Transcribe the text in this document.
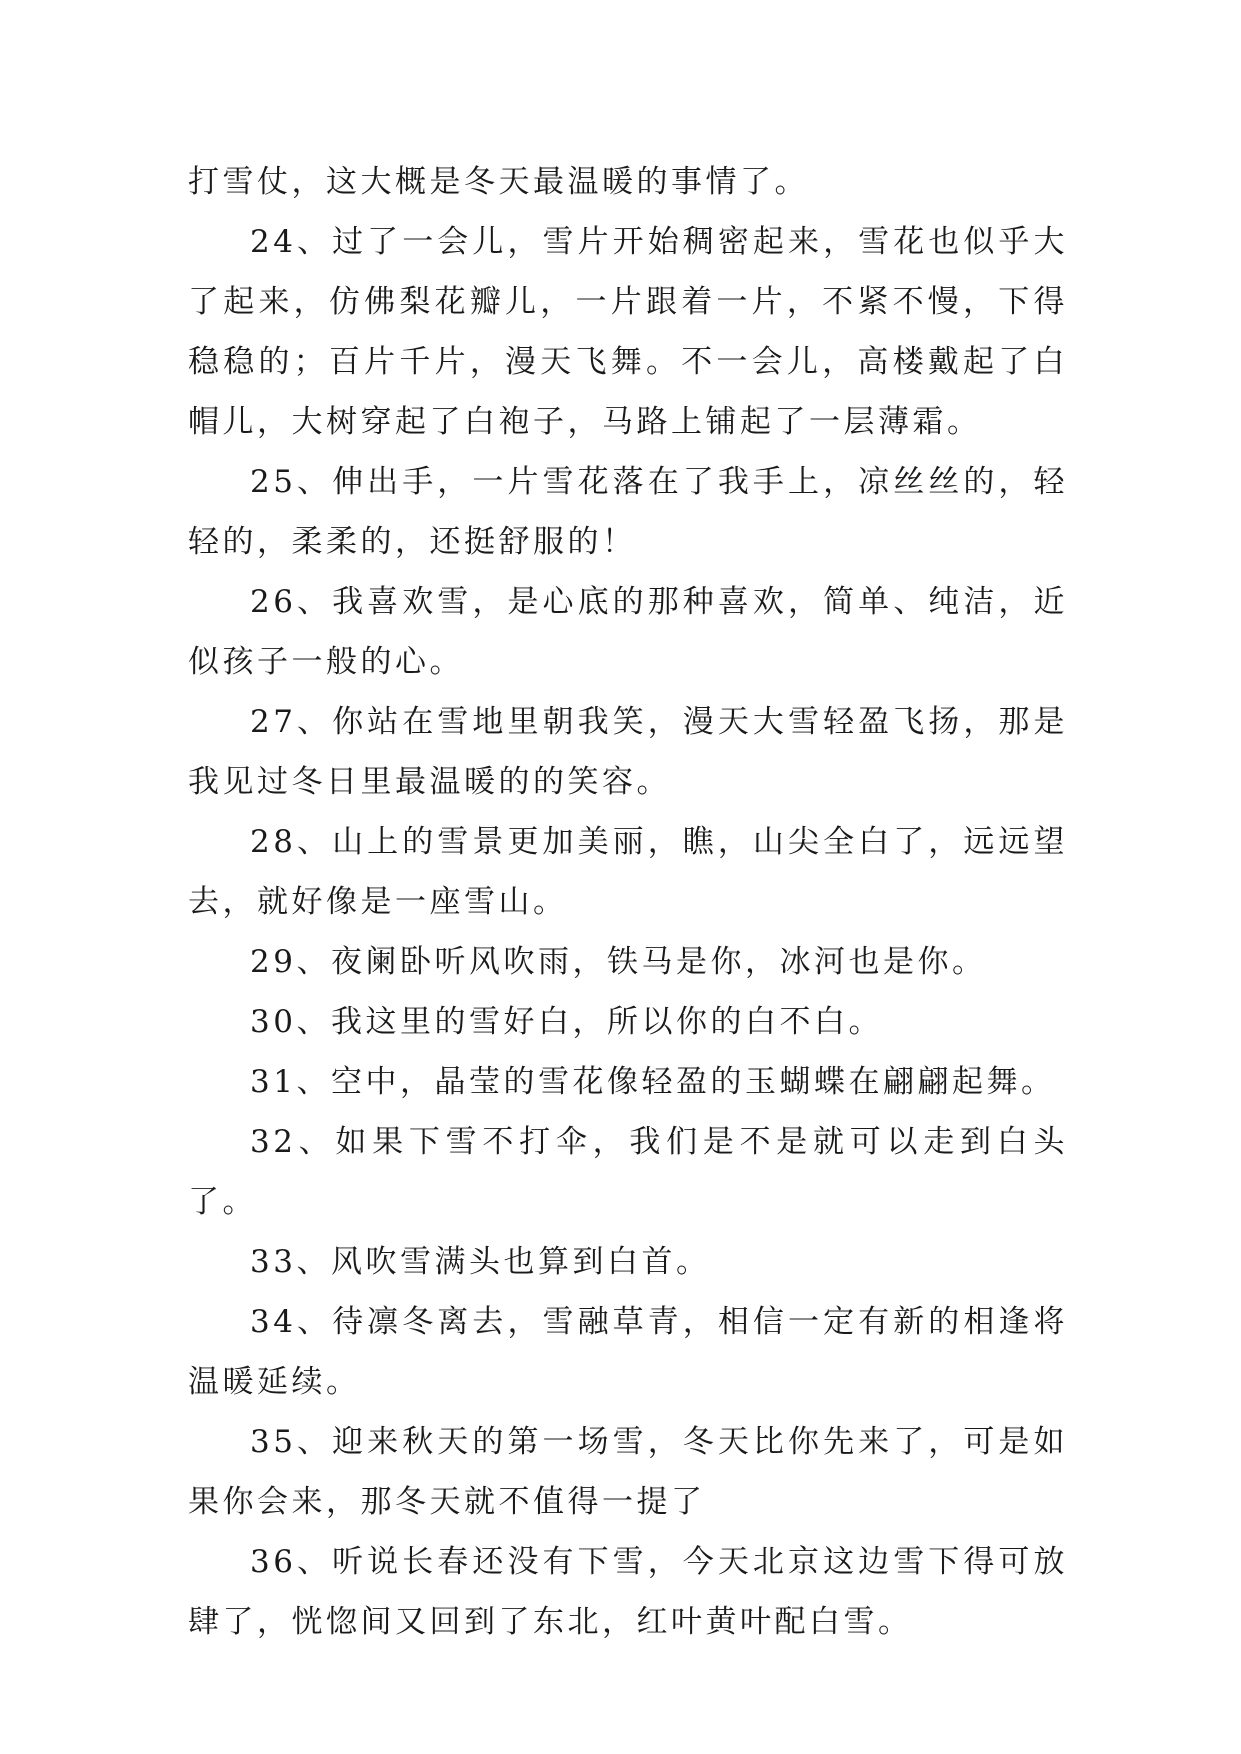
打雪仗，这大概是冬天最温暖的事情了。

24、过了一会儿，雪片开始稠密起来，雪花也似乎大了起来，仿佛梨花瓣儿，一片跟着一片，不紧不慢，下得稳稳的；百片千片，漫天飞舞。不一会儿，高楼戴起了白帽儿，大树穿起了白袍子，马路上铺起了一层薄霜。

25、伸出手，一片雪花落在了我手上，凉丝丝的，轻轻的，柔柔的，还挺舒服的！

26、我喜欢雪，是心底的那种喜欢，简单、纯洁，近似孩子一般的心。

27、你站在雪地里朝我笑，漫天大雪轻盈飞扬，那是我见过冬日里最温暖的的笑容。

28、山上的雪景更加美丽，瞧，山尖全白了，远远望去，就好像是一座雪山。

29、夜阑卧听风吹雨，铁马是你，冰河也是你。

30、我这里的雪好白，所以你的白不白。

31、空中，晶莹的雪花像轻盈的玉蝴蝶在翩翩起舞。

32、如果下雪不打伞，我们是不是就可以走到白头了。

33、风吹雪满头也算到白首。

34、待凛冬离去，雪融草青，相信一定有新的相逢将温暖延续。

35、迎来秋天的第一场雪，冬天比你先来了，可是如果你会来，那冬天就不值得一提了

36、听说长春还没有下雪，今天北京这边雪下得可放肆了，恍惚间又回到了东北，红叶黄叶配白雪。
